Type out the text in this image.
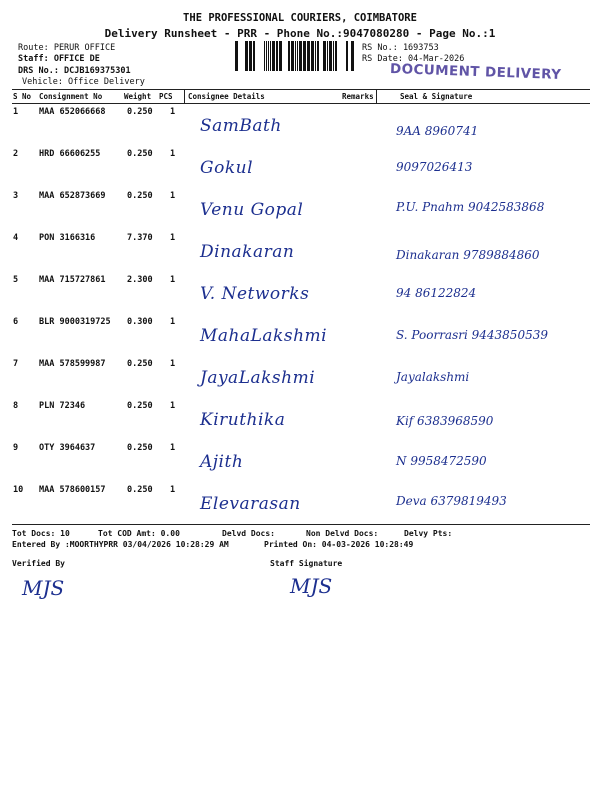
THE PROFESSIONAL COURIERS, COIMBATORE
Delivery Runsheet - PRR - Phone No.:9047080280 - Page No.:1
Route: PERUR OFFICE
Staff: OFFICE DE
DRS No.: DCJB169375301
Vehicle: Office Delivery
RS No.: 1693753
RS Date: 04-Mar-2026
DOCUMENT DELIVERY
S No Consignment No	Weight PCS Consignee Details	Remarks	Seal & Signature
1 MAA 652066668	0.250 1
SamBath	9AA 8960741
2 HRD 66606255	0.250 1
Gokul	9097026413
3 MAA 652873669	0.250 1
Venu Gopal	P.U. Pnahm 9042583868
4 PON 3166316	7.370 1
Dinakaran	Dinakaran 9789884860
5 MAA 715727861	2.300 1
V. Networks	94 86122824
6 BLR 9000319725 0.300 1
MahaLakshmi	S. Poorrasri 9443850539
7 MAA 578599987	0.250 1
JayaLakshmi	Jayalakshmi
8 PLN 72346	0.250 1
Kiruthika	Kif 6383968590
9 OTY 3964637	0.250 1
Ajith	N 9958472590
10 MAA 578600157	0.250 1
Elevarasan	Deva 6379819493
Tot Docs: 10	Tot COD Amt: 0.00	Delvd Docs:	Non Delvd Docs:	Delvy Pts:
Entered By :MOORTHYPRR 03/04/2026 10:28:29 AM	Printed On: 04-03-2026 10:28:49
Verified By	Staff Signature
MJS	MJS
